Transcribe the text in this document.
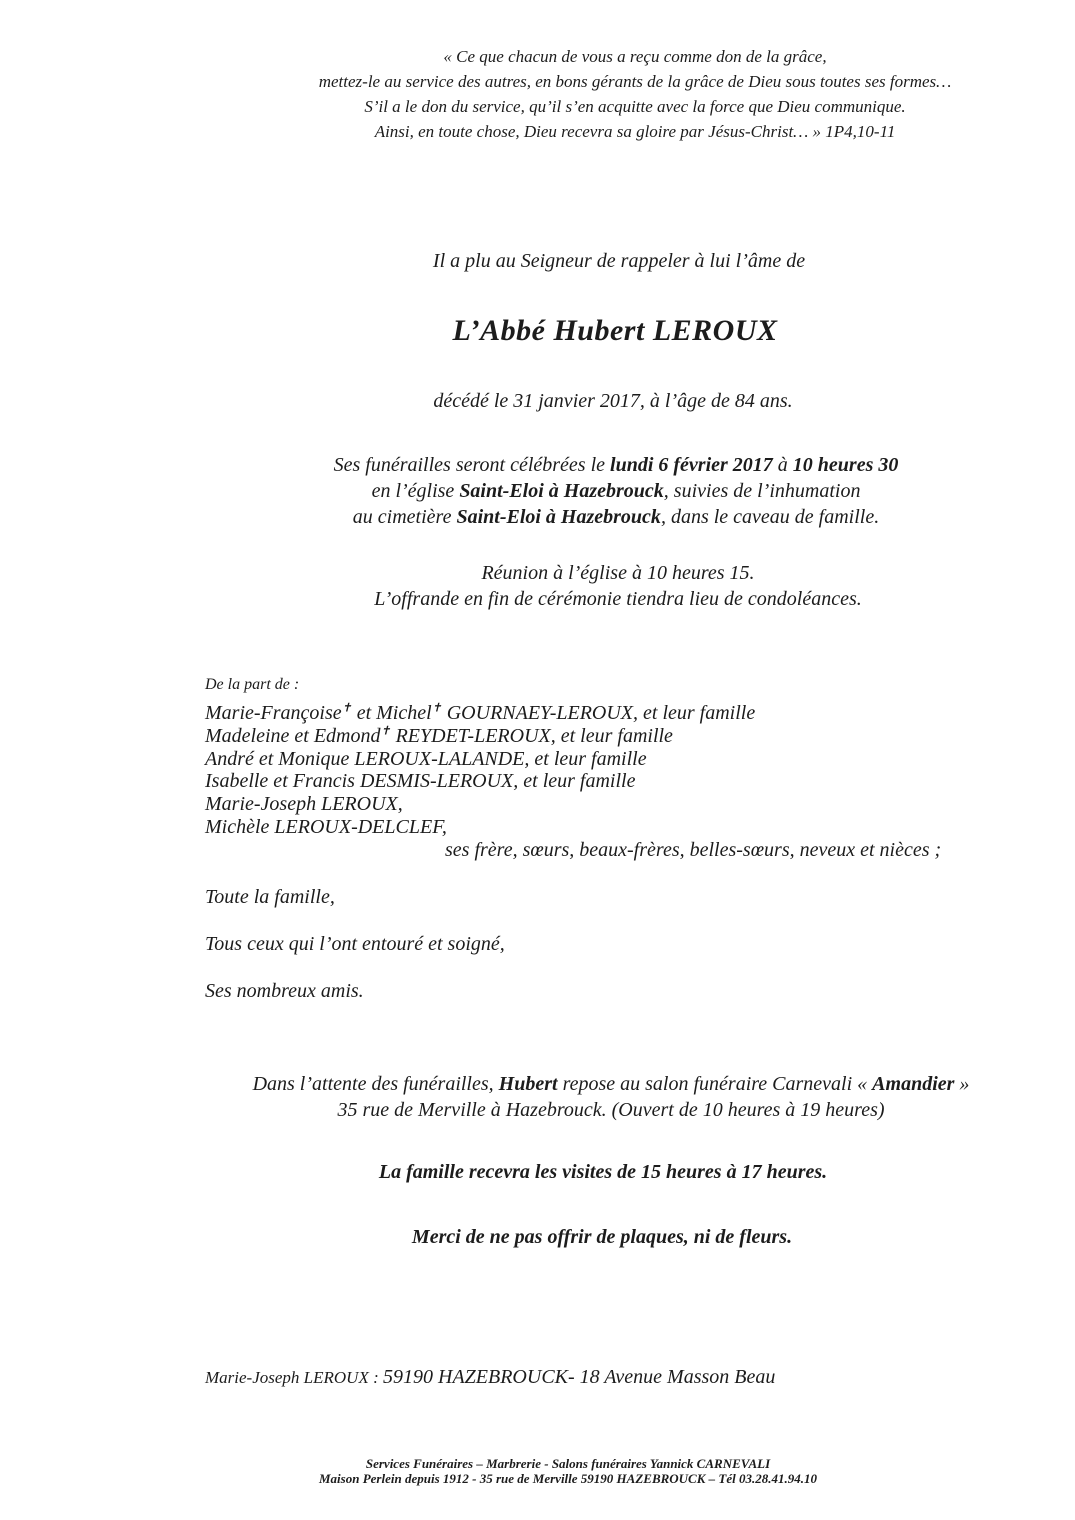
« Ce que chacun de vous a reçu comme don de la grâce,
mettez-le au service des autres, en bons gérants de la grâce de Dieu sous toutes ses formes…
S’il a le don du service, qu’il s’en acquitte avec la force que Dieu communique.
Ainsi, en toute chose, Dieu recevra sa gloire par Jésus-Christ… » 1P4,10-11
Il a plu au Seigneur de rappeler à lui l’âme de
L’Abbé Hubert LEROUX
décédé le 31 janvier 2017, à l’âge de 84 ans.
Ses funérailles seront célébrées le lundi 6 février 2017 à 10 heures 30
en l’église Saint-Eloi à Hazebrouck, suivies de l’inhumation
au cimetière Saint-Eloi à Hazebrouck, dans le caveau de famille.
Réunion à l’église à 10 heures 15.
L’offrande en fin de cérémonie tiendra lieu de condoléances.
De la part de :
Marie-Françoise✝ et Michel✝ GOURNAEY-LEROUX, et leur famille
Madeleine et Edmond✝ REYDET-LEROUX, et leur famille
André et Monique LEROUX-LALANDE, et leur famille
Isabelle et Francis DESMIS-LEROUX, et leur famille
Marie-Joseph LEROUX,
Michèle LEROUX-DELCLEF,
ses frère, sœurs, beaux-frères, belles-sœurs, neveux et nièces ;
Toute la famille,
Tous ceux qui l’ont entouré et soigné,
Ses nombreux amis.
Dans l’attente des funérailles, Hubert repose au salon funéraire Carnevali « Amandier »
35 rue de Merville à Hazebrouck. (Ouvert de 10 heures à 19 heures)
La famille recevra les visites de 15 heures à 17 heures.
Merci de ne pas offrir de plaques, ni de fleurs.
Marie-Joseph LEROUX : 59190 HAZEBROUCK- 18 Avenue Masson Beau
Services Funéraires – Marbrerie - Salons funéraires Yannick CARNEVALI
Maison Perlein depuis 1912 - 35 rue de Merville 59190 HAZEBROUCK – Tél 03.28.41.94.10
